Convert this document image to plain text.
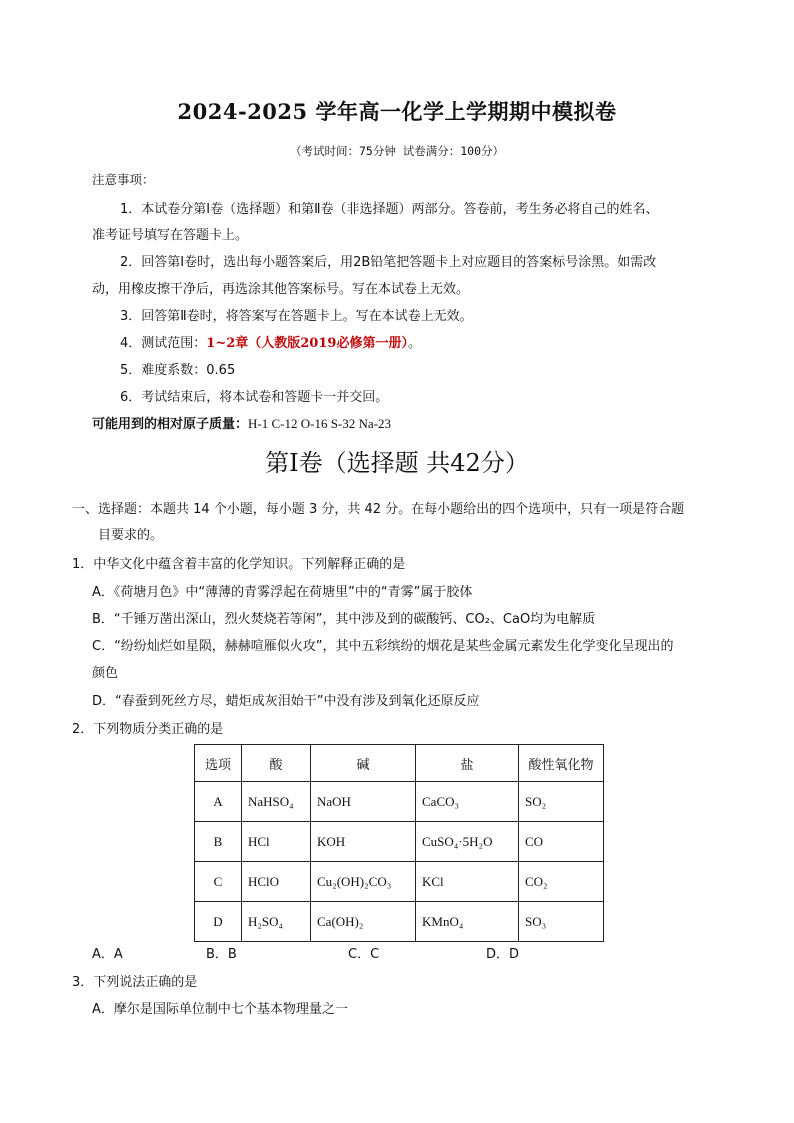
2024-2025 学年高一化学上学期期中模拟卷
（考试时间：75分钟 试卷满分：100分）
注意事项：
1．本试卷分第Ⅰ卷（选择题）和第Ⅱ卷（非选择题）两部分。答卷前，考生务必将自己的姓名、
准考证号填写在答题卡上。
2．回答第Ⅰ卷时，选出每小题答案后，用2B铅笔把答题卡上对应题目的答案标号涂黑。如需改
动，用橡皮擦干净后，再选涂其他答案标号。写在本试卷上无效。
3．回答第Ⅱ卷时，将答案写在答题卡上。写在本试卷上无效。
4．测试范围：1~2章（人教版2019必修第一册）。
5．难度系数：0.65
6．考试结束后，将本试卷和答题卡一并交回。
可能用到的相对原子质量：H-1 C-12 O-16 S-32 Na-23
第Ⅰ卷（选择题 共42分）
一、选择题：本题共 14 个小题，每小题 3 分，共 42 分。在每小题给出的四个选项中，只有一项是符合题
目要求的。
1．中华文化中蕴含着丰富的化学知识。下列解释正确的是
A．《荷塘月色》中“薄薄的青雾浮起在荷塘里”中的“青雾”属于胶体
B．“千锤万凿出深山，烈火焚烧若等闲”，其中涉及到的碳酸钙、CO₂、CaO均为电解质
C．“纷纷灿烂如星陨，赫赫喧雁似火攻”，其中五彩缤纷的烟花是某些金属元素发生化学变化呈现出的
颜色
D．“春蚕到死丝方尽，蜡炬成灰泪始干”中没有涉及到氧化还原反应
2．下列物质分类正确的是
选项	酸	碱	盐	酸性氧化物
A	NaHSO₄	NaOH	CaCO₃	SO₂
B	HCl	KOH	CuSO₄·5H₂O	CO
C	HClO	Cu₂(OH)₂CO₃	KCl	CO₂
D	H₂SO₄	Ca(OH)₂	KMnO₄	SO₃
A．A	B．B	C．C	D．D
3．下列说法正确的是
A．摩尔是国际单位制中七个基本物理量之一
